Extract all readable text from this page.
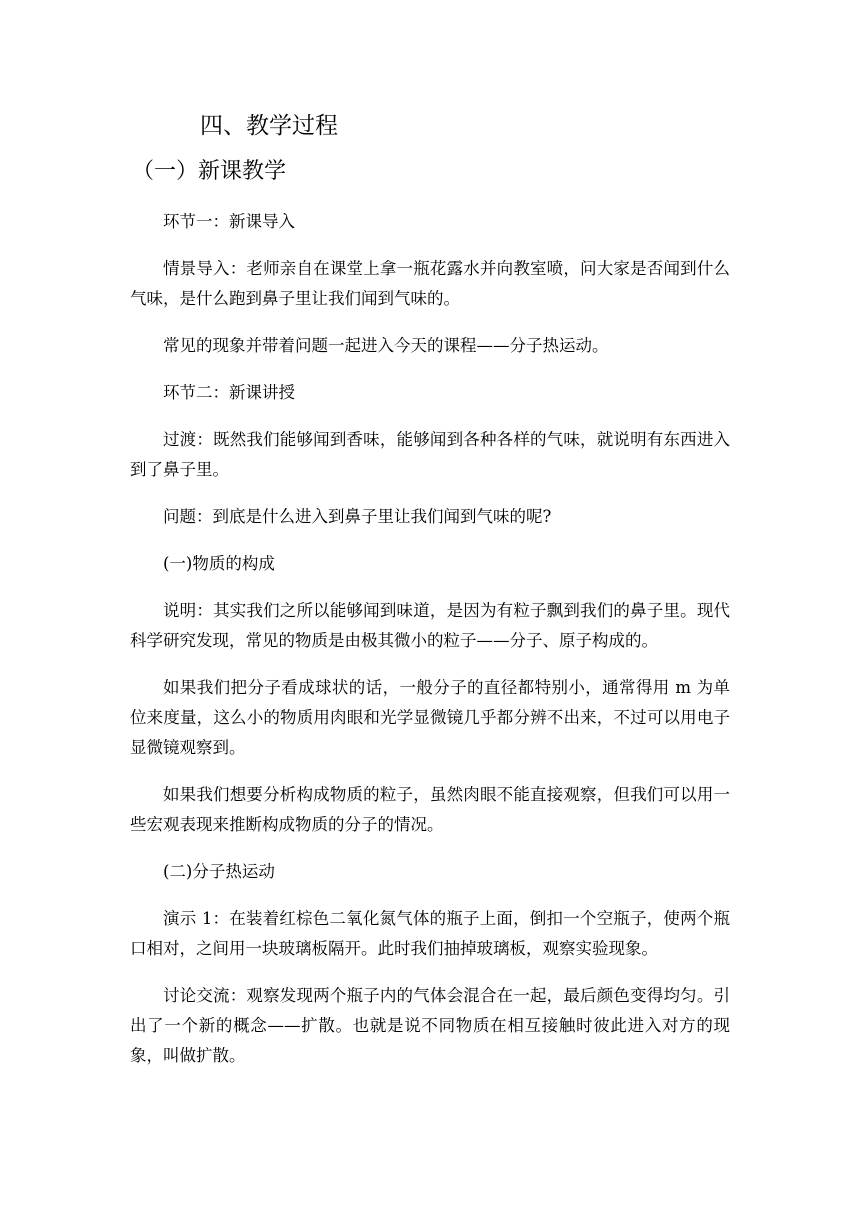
四、教学过程
（一）新课教学

环节一：新课导入

情景导入：老师亲自在课堂上拿一瓶花露水并向教室喷，问大家是否闻到什么气味，是什么跑到鼻子里让我们闻到气味的。

常见的现象并带着问题一起进入今天的课程——分子热运动。

环节二：新课讲授

过渡：既然我们能够闻到香味，能够闻到各种各样的气味，就说明有东西进入到了鼻子里。

问题：到底是什么进入到鼻子里让我们闻到气味的呢?

(一)物质的构成

说明：其实我们之所以能够闻到味道，是因为有粒子飘到我们的鼻子里。现代科学研究发现，常见的物质是由极其微小的粒子——分子、原子构成的。

如果我们把分子看成球状的话，一般分子的直径都特别小，通常得用 m 为单位来度量，这么小的物质用肉眼和光学显微镜几乎都分辨不出来，不过可以用电子显微镜观察到。

如果我们想要分析构成物质的粒子，虽然肉眼不能直接观察，但我们可以用一些宏观表现来推断构成物质的分子的情况。

(二)分子热运动

演示 1：在装着红棕色二氧化氮气体的瓶子上面，倒扣一个空瓶子，使两个瓶口相对，之间用一块玻璃板隔开。此时我们抽掉玻璃板，观察实验现象。

讨论交流：观察发现两个瓶子内的气体会混合在一起，最后颜色变得均匀。引出了一个新的概念——扩散。也就是说不同物质在相互接触时彼此进入对方的现象，叫做扩散。
